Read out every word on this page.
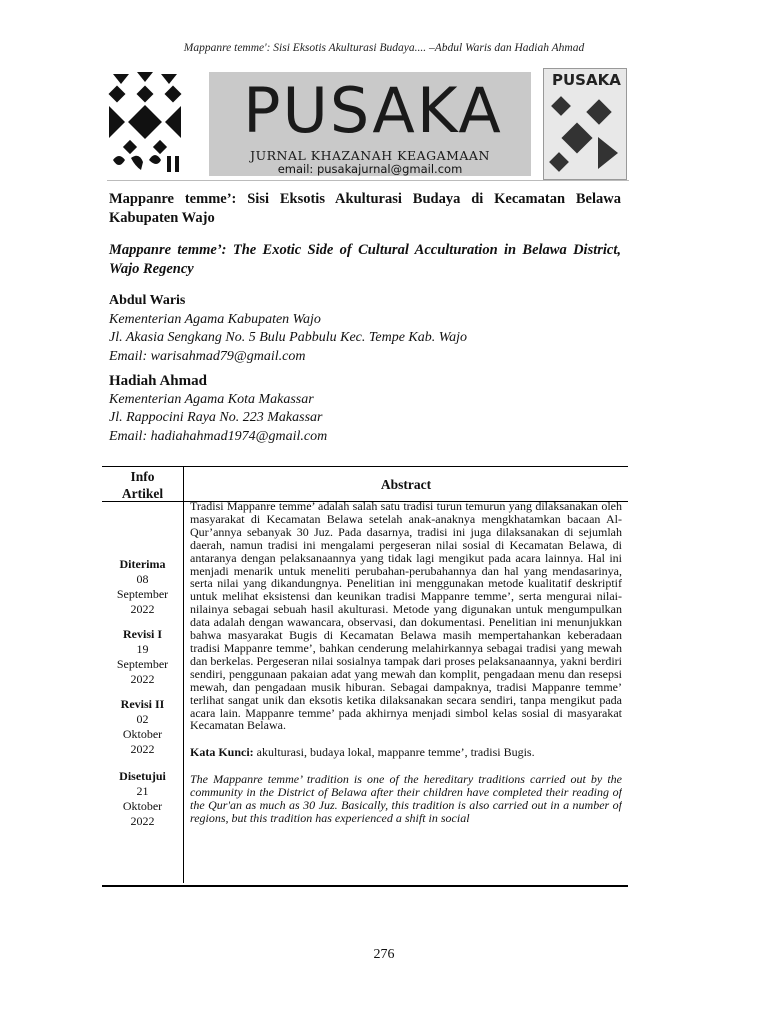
Mappanre temme': Sisi Eksotis Akulturasi Budaya.... –Abdul Waris dan Hadiah Ahmad
PUSAKA
JURNAL KHAZANAH KEAGAMAAN
email: pusakajurnal@gmail.com
PUSAKA
Mappanre temme’: Sisi Eksotis Akulturasi Budaya di Kecamatan Belawa Kabupaten Wajo
Mappanre temme’: The Exotic Side of Cultural Acculturation in Belawa District, Wajo Regency
Abdul Waris
Kementerian Agama Kabupaten Wajo
Jl. Akasia Sengkang No. 5 Bulu Pabbulu Kec. Tempe Kab. Wajo
Email: warisahmad79@gmail.com
Hadiah Ahmad
Kementerian Agama Kota Makassar
Jl. Rappocini Raya No. 223 Makassar
Email: hadiahahmad1974@gmail.com
Info
Artikel
Abstract
Diterima
08
September
2022
Revisi I
19
September
2022
Revisi II
02
Oktober
2022
Disetujui
21
Oktober
2022

Tradisi Mappanre temme’ adalah salah satu tradisi turun temurun yang dilaksanakan oleh masyarakat di Kecamatan Belawa setelah anak-anaknya mengkhatamkan bacaan Al-Qur’annya sebanyak 30 Juz. Pada dasarnya, tradisi ini juga dilaksanakan di sejumlah daerah, namun tradisi ini mengalami pergeseran nilai sosial di Kecamatan Belawa, di antaranya dengan pelaksanaannya yang tidak lagi mengikut pada acara lainnya. Hal ini menjadi menarik untuk meneliti perubahan-perubahannya dan hal yang mendasarinya, serta nilai yang dikandungnya. Penelitian ini menggunakan metode kualitatif deskriptif untuk melihat eksistensi dan keunikan tradisi Mappanre temme’, serta mengurai nilai-nilainya sebagai sebuah hasil akulturasi. Metode yang digunakan untuk mengumpulkan data adalah dengan wawancara, observasi, dan dokumentasi. Penelitian ini menunjukkan bahwa masyarakat Bugis di Kecamatan Belawa masih mempertahankan keberadaan tradisi Mappanre temme’, bahkan cenderung melahirkannya sebagai tradisi yang mewah dan berkelas. Pergeseran nilai sosialnya tampak dari proses pelaksanaannya, yakni berdiri sendiri, penggunaan pakaian adat yang mewah dan komplit, pengadaan menu dan resepsi mewah, dan pengadaan musik hiburan. Sebagai dampaknya, tradisi Mappanre temme’ terlihat sangat unik dan eksotis ketika dilaksanakan secara sendiri, tanpa mengikut pada acara lain. Mappanre temme’ pada akhirnya menjadi simbol kelas sosial di masyarakat Kecamatan Belawa.

Kata Kunci: akulturasi, budaya lokal, mappanre temme’, tradisi Bugis.

The Mappanre temme’ tradition is one of the hereditary traditions carried out by the community in the District of Belawa after their children have completed their reading of the Qur'an as much as 30 Juz. Basically, this tradition is also carried out in a number of regions, but this tradition has experienced a shift in social

276
